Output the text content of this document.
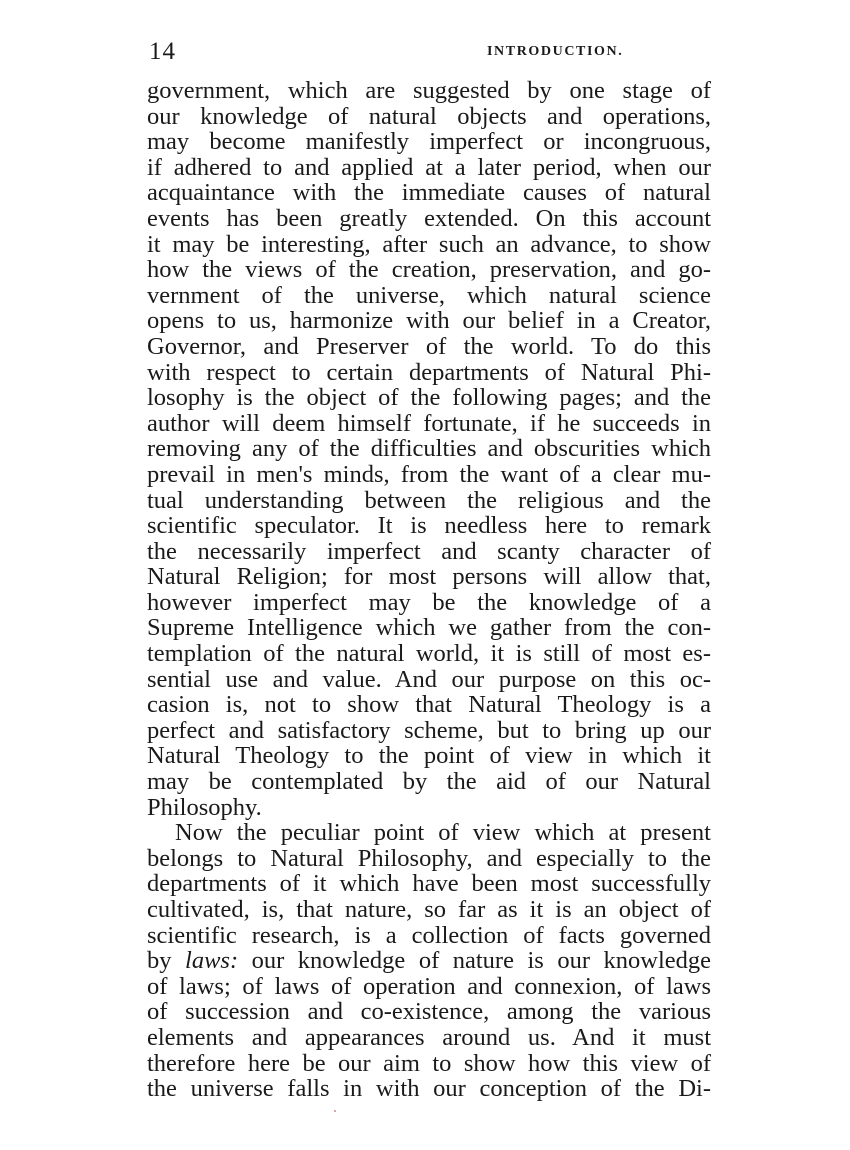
14	INTRODUCTION.
government, which are suggested by one stage of
our knowledge of natural objects and operations,
may become manifestly imperfect or incongruous,
if adhered to and applied at a later period, when our
acquaintance with the immediate causes of natural
events has been greatly extended. On this account
it may be interesting, after such an advance, to show
how the views of the creation, preservation, and go-
vernment of the universe, which natural science
opens to us, harmonize with our belief in a Creator,
Governor, and Preserver of the world. To do this
with respect to certain departments of Natural Phi-
losophy is the object of the following pages; and the
author will deem himself fortunate, if he succeeds in
removing any of the difficulties and obscurities which
prevail in men's minds, from the want of a clear mu-
tual understanding between the religious and the
scientific speculator. It is needless here to remark
the necessarily imperfect and scanty character of
Natural Religion; for most persons will allow that,
however imperfect may be the knowledge of a
Supreme Intelligence which we gather from the con-
templation of the natural world, it is still of most es-
sential use and value. And our purpose on this oc-
casion is, not to show that Natural Theology is a
perfect and satisfactory scheme, but to bring up our
Natural Theology to the point of view in which it
may be contemplated by the aid of our Natural
Philosophy.
Now the peculiar point of view which at present
belongs to Natural Philosophy, and especially to the
departments of it which have been most successfully
cultivated, is, that nature, so far as it is an object of
scientific research, is a collection of facts governed
by laws: our knowledge of nature is our knowledge
of laws; of laws of operation and connexion, of laws
of succession and co-existence, among the various
elements and appearances around us. And it must
therefore here be our aim to show how this view of
the universe falls in with our conception of the Di-
